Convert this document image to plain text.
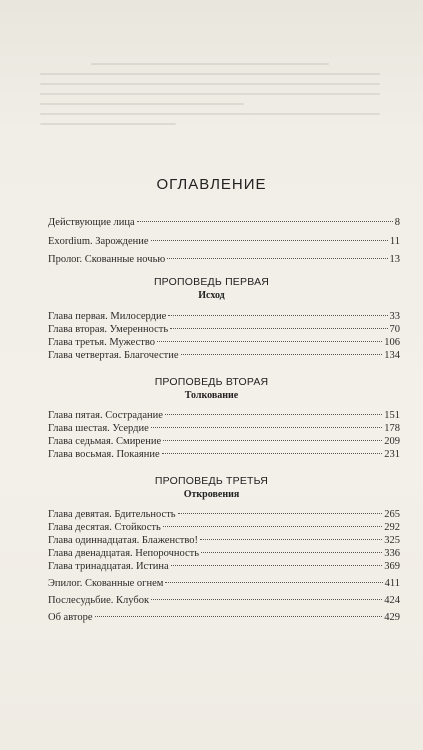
ОГЛАВЛЕНИЕ
Действующие лица	8
Exordium. Зарождение	11
Пролог. Скованные ночью	13
ПРОПОВЕДЬ ПЕРВАЯ
Исход
Глава первая. Милосердие	33
Глава вторая. Умеренность	70
Глава третья. Мужество	106
Глава четвертая. Благочестие	134
ПРОПОВЕДЬ ВТОРАЯ
Толкование
Глава пятая. Сострадание	151
Глава шестая. Усердие	178
Глава седьмая. Смирение	209
Глава восьмая. Покаяние	231
ПРОПОВЕДЬ ТРЕТЬЯ
Откровения
Глава девятая. Бдительность	265
Глава десятая. Стойкость	292
Глава одиннадцатая. Блаженство!	325
Глава двенадцатая. Непорочность	336
Глава тринадцатая. Истина	369
Эпилог. Скованные огнем	411
Послесудьбие. Клубок	424
Об авторе	429
